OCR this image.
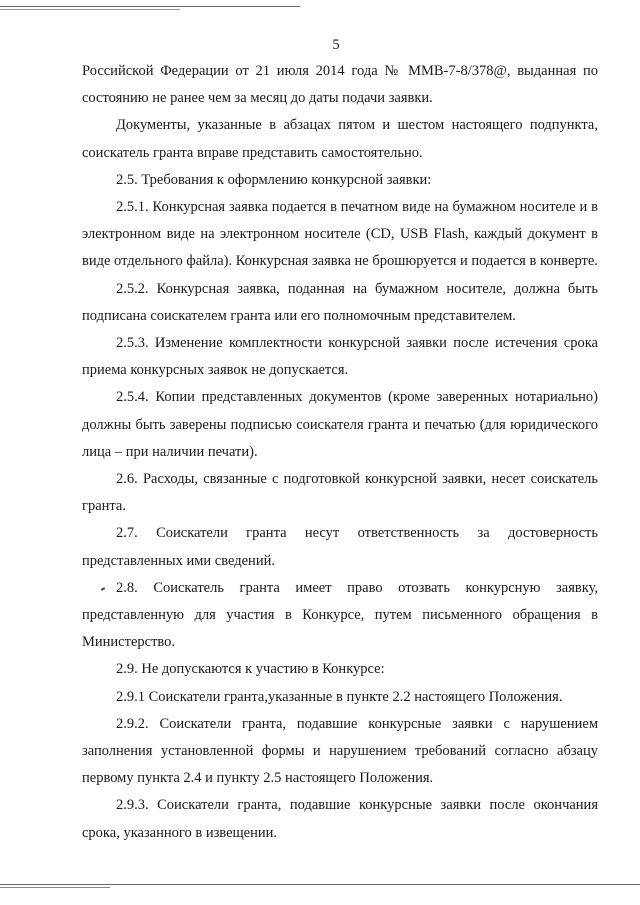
5

Российской Федерации от 21 июля 2014 года № ММВ-7-8/378@, выданная по состоянию не ранее чем за месяц до даты подачи заявки.

Документы, указанные в абзацах пятом и шестом настоящего подпункта, соискатель гранта вправе представить самостоятельно.

2.5. Требования к оформлению конкурсной заявки:

2.5.1. Конкурсная заявка подается в печатном виде на бумажном носителе и в электронном виде на электронном носителе (CD, USB Flash, каждый документ в виде отдельного файла). Конкурсная заявка не брошюруется и подается в конверте.

2.5.2. Конкурсная заявка, поданная на бумажном носителе, должна быть подписана соискателем гранта или его полномочным представителем.

2.5.3. Изменение комплектности конкурсной заявки после истечения срока приема конкурсных заявок не допускается.

2.5.4. Копии представленных документов (кроме заверенных нотариально) должны быть заверены подписью соискателя гранта и печатью (для юридического лица – при наличии печати).

2.6. Расходы, связанные с подготовкой конкурсной заявки, несет соискатель гранта.

2.7. Соискатели гранта несут ответственность за достоверность представленных ими сведений.

2.8. Соискатель гранта имеет право отозвать конкурсную заявку, представленную для участия в Конкурсе, путем письменного обращения в Министерство.

2.9. Не допускаются к участию в Конкурсе:

2.9.1 Соискатели гранта,указанные в пункте 2.2 настоящего Положения.

2.9.2. Соискатели гранта, подавшие конкурсные заявки с нарушением заполнения установленной формы и нарушением требований согласно абзацу первому пункта 2.4 и пункту 2.5 настоящего Положения.

2.9.3. Соискатели гранта, подавшие конкурсные заявки после окончания срока, указанного в извещении.
